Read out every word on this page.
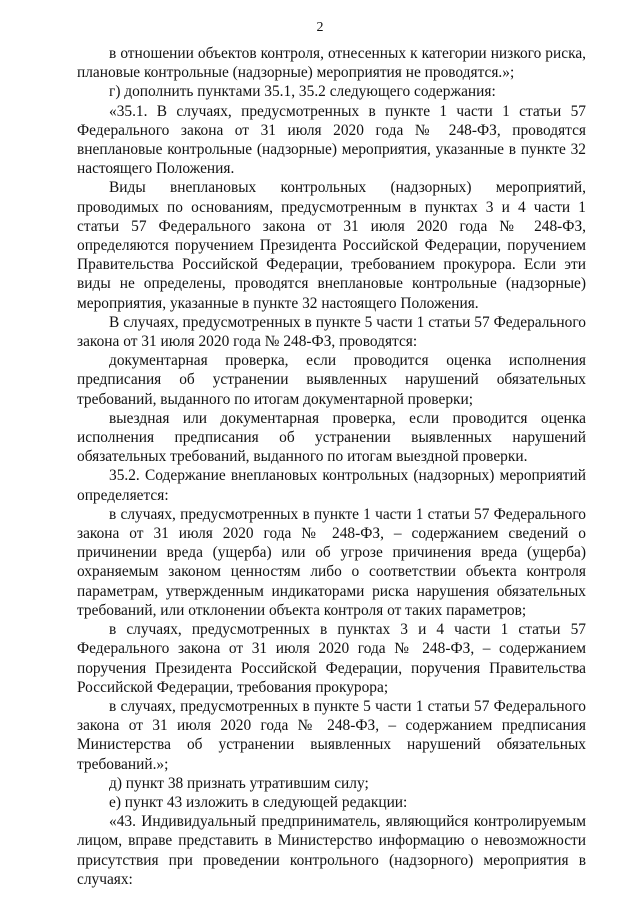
2

в отношении объектов контроля, отнесенных к категории низкого риска, плановые контрольные (надзорные) мероприятия не проводятся.»;

г) дополнить пунктами 35.1, 35.2 следующего содержания:

«35.1. В случаях, предусмотренных в пункте 1 части 1 статьи 57 Федерального закона от 31 июля 2020 года № 248-ФЗ, проводятся внеплановые контрольные (надзорные) мероприятия, указанные в пункте 32 настоящего Положения.

Виды внеплановых контрольных (надзорных) мероприятий, проводимых по основаниям, предусмотренным в пунктах 3 и 4 части 1 статьи 57 Федерального закона от 31 июля 2020 года № 248-ФЗ, определяются поручением Президента Российской Федерации, поручением Правительства Российской Федерации, требованием прокурора. Если эти виды не определены, проводятся внеплановые контрольные (надзорные) мероприятия, указанные в пункте 32 настоящего Положения.

В случаях, предусмотренных в пункте 5 части 1 статьи 57 Федерального закона от 31 июля 2020 года № 248-ФЗ, проводятся:

документарная проверка, если проводится оценка исполнения предписания об устранении выявленных нарушений обязательных требований, выданного по итогам документарной проверки;

выездная или документарная проверка, если проводится оценка исполнения предписания об устранении выявленных нарушений обязательных требований, выданного по итогам выездной проверки.

35.2. Содержание внеплановых контрольных (надзорных) мероприятий определяется:

в случаях, предусмотренных в пункте 1 части 1 статьи 57 Федерального закона от 31 июля 2020 года № 248-ФЗ, – содержанием сведений о причинении вреда (ущерба) или об угрозе причинения вреда (ущерба) охраняемым законом ценностям либо о соответствии объекта контроля параметрам, утвержденным индикаторами риска нарушения обязательных требований, или отклонении объекта контроля от таких параметров;

в случаях, предусмотренных в пунктах 3 и 4 части 1 статьи 57 Федерального закона от 31 июля 2020 года № 248-ФЗ, – содержанием поручения Президента Российской Федерации, поручения Правительства Российской Федерации, требования прокурора;

в случаях, предусмотренных в пункте 5 части 1 статьи 57 Федерального закона от 31 июля 2020 года № 248-ФЗ, – содержанием предписания Министерства об устранении выявленных нарушений обязательных требований.»;

д) пункт 38 признать утратившим силу;

е) пункт 43 изложить в следующей редакции:

«43. Индивидуальный предприниматель, являющийся контролируемым лицом, вправе представить в Министерство информацию о невозможности присутствия при проведении контрольного (надзорного) мероприятия в случаях:
